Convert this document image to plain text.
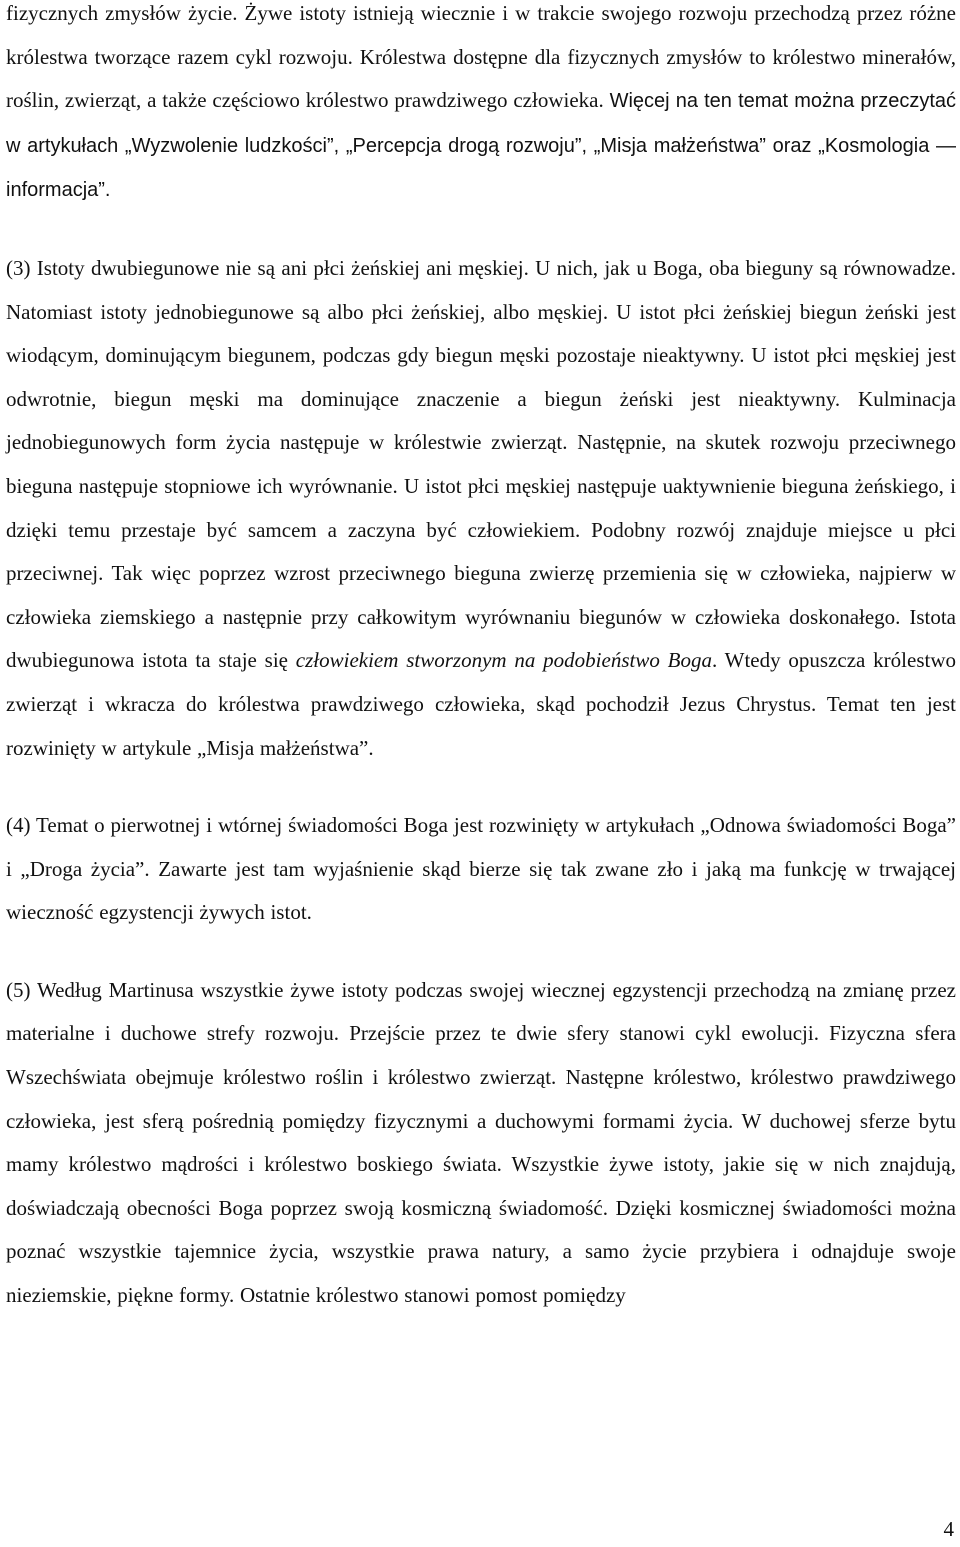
fizycznych zmysłów życie. Żywe istoty istnieją wiecznie i w trakcie swojego rozwoju przechodzą przez różne królestwa tworzące razem cykl rozwoju. Królestwa dostępne dla fizycznych zmysłów to królestwo minerałów, roślin, zwierząt, a także częściowo królestwo prawdziwego człowieka. Więcej na ten temat można przeczytać w artykułach „Wyzwolenie ludzkości”, „Percepcja drogą rozwoju”, „Misja małżeństwa” oraz „Kosmologia — informacja”.

(3) Istoty dwubiegunowe nie są ani płci żeńskiej ani męskiej. U nich, jak u Boga, oba bieguny są równowadze. Natomiast istoty jednobiegunowe są albo płci żeńskiej, albo męskiej. U istot płci żeńskiej biegun żeński jest wiodącym, dominującym biegunem, podczas gdy biegun męski pozostaje nieaktywny. U istot płci męskiej jest odwrotnie, biegun męski ma dominujące znaczenie a biegun żeński jest nieaktywny. Kulminacja jednobiegunowych form życia następuje w królestwie zwierząt. Następnie, na skutek rozwoju przeciwnego bieguna następuje stopniowe ich wyrównanie. U istot płci męskiej następuje uaktywnienie bieguna żeńskiego, i dzięki temu przestaje być samcem a zaczyna być człowiekiem. Podobny rozwój znajduje miejsce u płci przeciwnej. Tak więc poprzez wzrost przeciwnego bieguna zwierzę przemienia się w człowieka, najpierw w człowieka ziemskiego a następnie przy całkowitym wyrównaniu biegunów w człowieka doskonałego. Istota dwubiegunowa istota ta staje się człowiekiem stworzonym na podobieństwo Boga. Wtedy opuszcza królestwo zwierząt i wkracza do królestwa prawdziwego człowieka, skąd pochodził Jezus Chrystus. Temat ten jest rozwinięty w artykule „Misja małżeństwa”.

(4) Temat o pierwotnej i wtórnej świadomości Boga jest rozwinięty w artykułach „Odnowa świadomości Boga” i „Droga życia”. Zawarte jest tam wyjaśnienie skąd bierze się tak zwane zło i jaką ma funkcję w trwającej wieczność egzystencji żywych istot.

(5) Według Martinusa wszystkie żywe istoty podczas swojej wiecznej egzystencji przechodzą na zmianę przez materialne i duchowe strefy rozwoju. Przejście przez te dwie sfery stanowi cykl ewolucji. Fizyczna sfera Wszechświata obejmuje królestwo roślin i królestwo zwierząt. Następne królestwo, królestwo prawdziwego człowieka, jest sferą pośrednią pomiędzy fizycznymi a duchowymi formami życia. W duchowej sferze bytu mamy królestwo mądrości i królestwo boskiego świata. Wszystkie żywe istoty, jakie się w nich znajdują, doświadczają obecności Boga poprzez swoją kosmiczną świadomość. Dzięki kosmicznej świadomości można poznać wszystkie tajemnice życia, wszystkie prawa natury, a samo życie przybiera i odnajduje swoje nieziemskie, piękne formy. Ostatnie królestwo stanowi pomost pomiędzy

4
